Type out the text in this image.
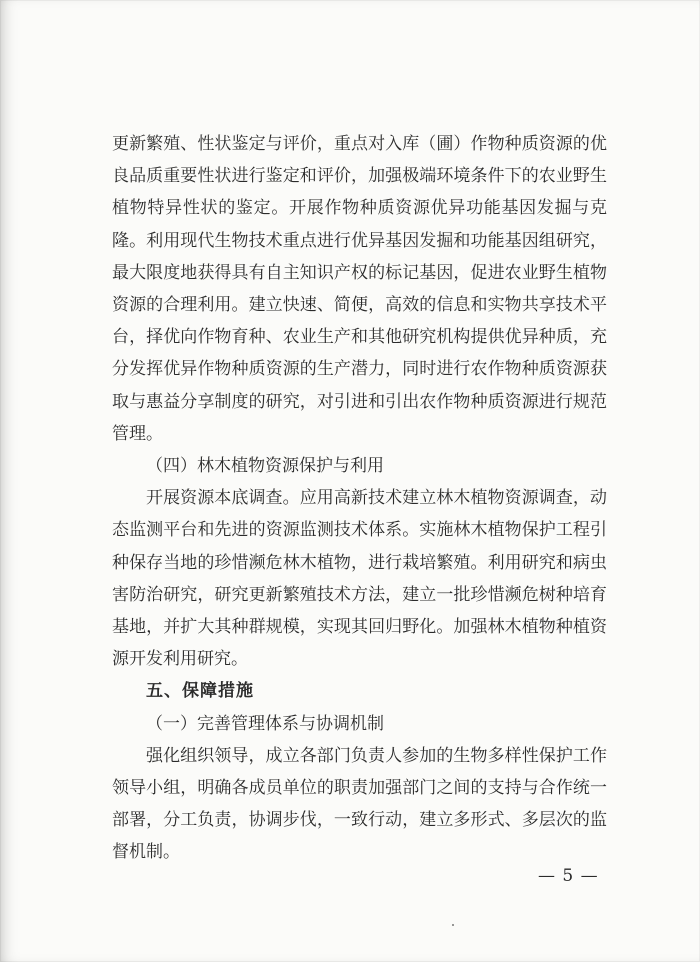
更新繁殖、性状鉴定与评价，重点对入库（圃）作物种质资源的优良品质重要性状进行鉴定和评价，加强极端环境条件下的农业野生植物特异性状的鉴定。开展作物种质资源优异功能基因发掘与克隆。利用现代生物技术重点进行优异基因发掘和功能基因组研究，最大限度地获得具有自主知识产权的标记基因，促进农业野生植物资源的合理利用。建立快速、简便，高效的信息和实物共享技术平台，择优向作物育种、农业生产和其他研究机构提供优异种质，充分发挥优异作物种质资源的生产潜力，同时进行农作物种质资源获取与惠益分享制度的研究，对引进和引出农作物种质资源进行规范管理。

（四）林木植物资源保护与利用

开展资源本底调查。应用高新技术建立林木植物资源调查，动态监测平台和先进的资源监测技术体系。实施林木植物保护工程引种保存当地的珍惜濒危林木植物，进行栽培繁殖。利用研究和病虫害防治研究，研究更新繁殖技术方法，建立一批珍惜濒危树种培育基地，并扩大其种群规模，实现其回归野化。加强林木植物种植资源开发利用研究。

五、保障措施

（一）完善管理体系与协调机制

强化组织领导，成立各部门负责人参加的生物多样性保护工作领导小组，明确各成员单位的职责加强部门之间的支持与合作统一部署，分工负责，协调步伐，一致行动，建立多形式、多层次的监督机制。

— 5 —
